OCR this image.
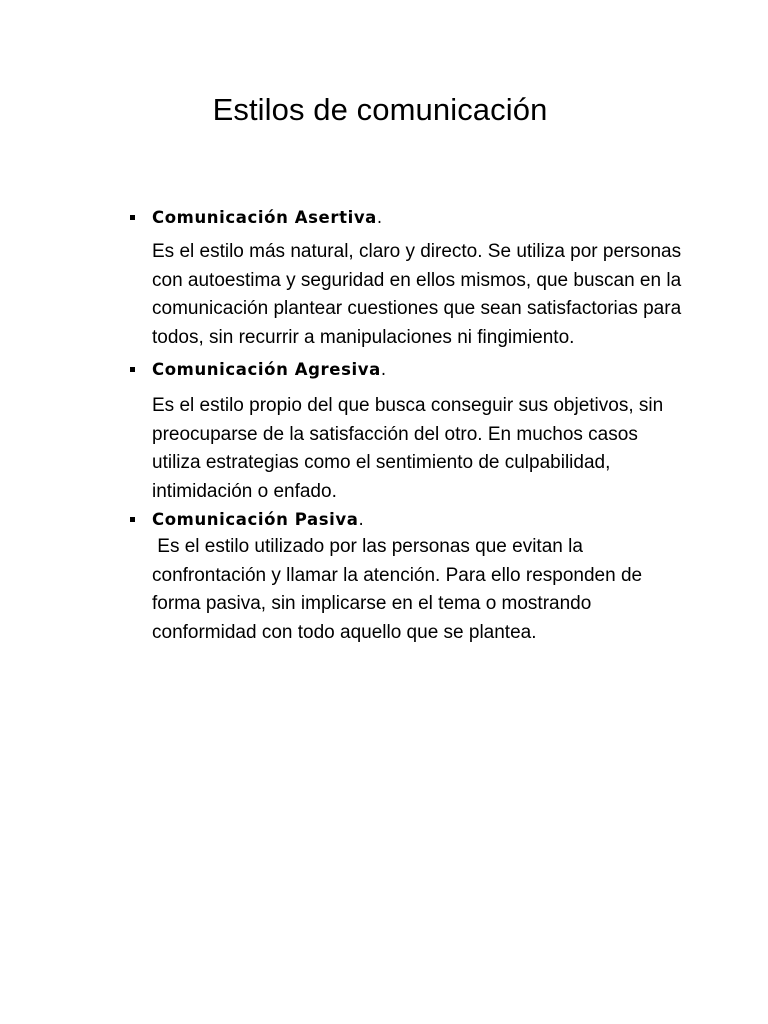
Estilos de comunicación
Comunicación Asertiva.
Es el estilo más natural, claro y directo. Se utiliza por personas con autoestima y seguridad en ellos mismos, que buscan en la comunicación plantear cuestiones que sean satisfactorias para todos, sin recurrir a manipulaciones ni fingimiento.
Comunicación Agresiva.
Es el estilo propio del que busca conseguir sus objetivos, sin preocuparse de la satisfacción del otro. En muchos casos utiliza estrategias como el sentimiento de culpabilidad, intimidación o enfado.
Comunicación Pasiva.
Es el estilo utilizado por las personas que evitan la confrontación y llamar la atención. Para ello responden de forma pasiva, sin implicarse en el tema o mostrando conformidad con todo aquello que se plantea.
